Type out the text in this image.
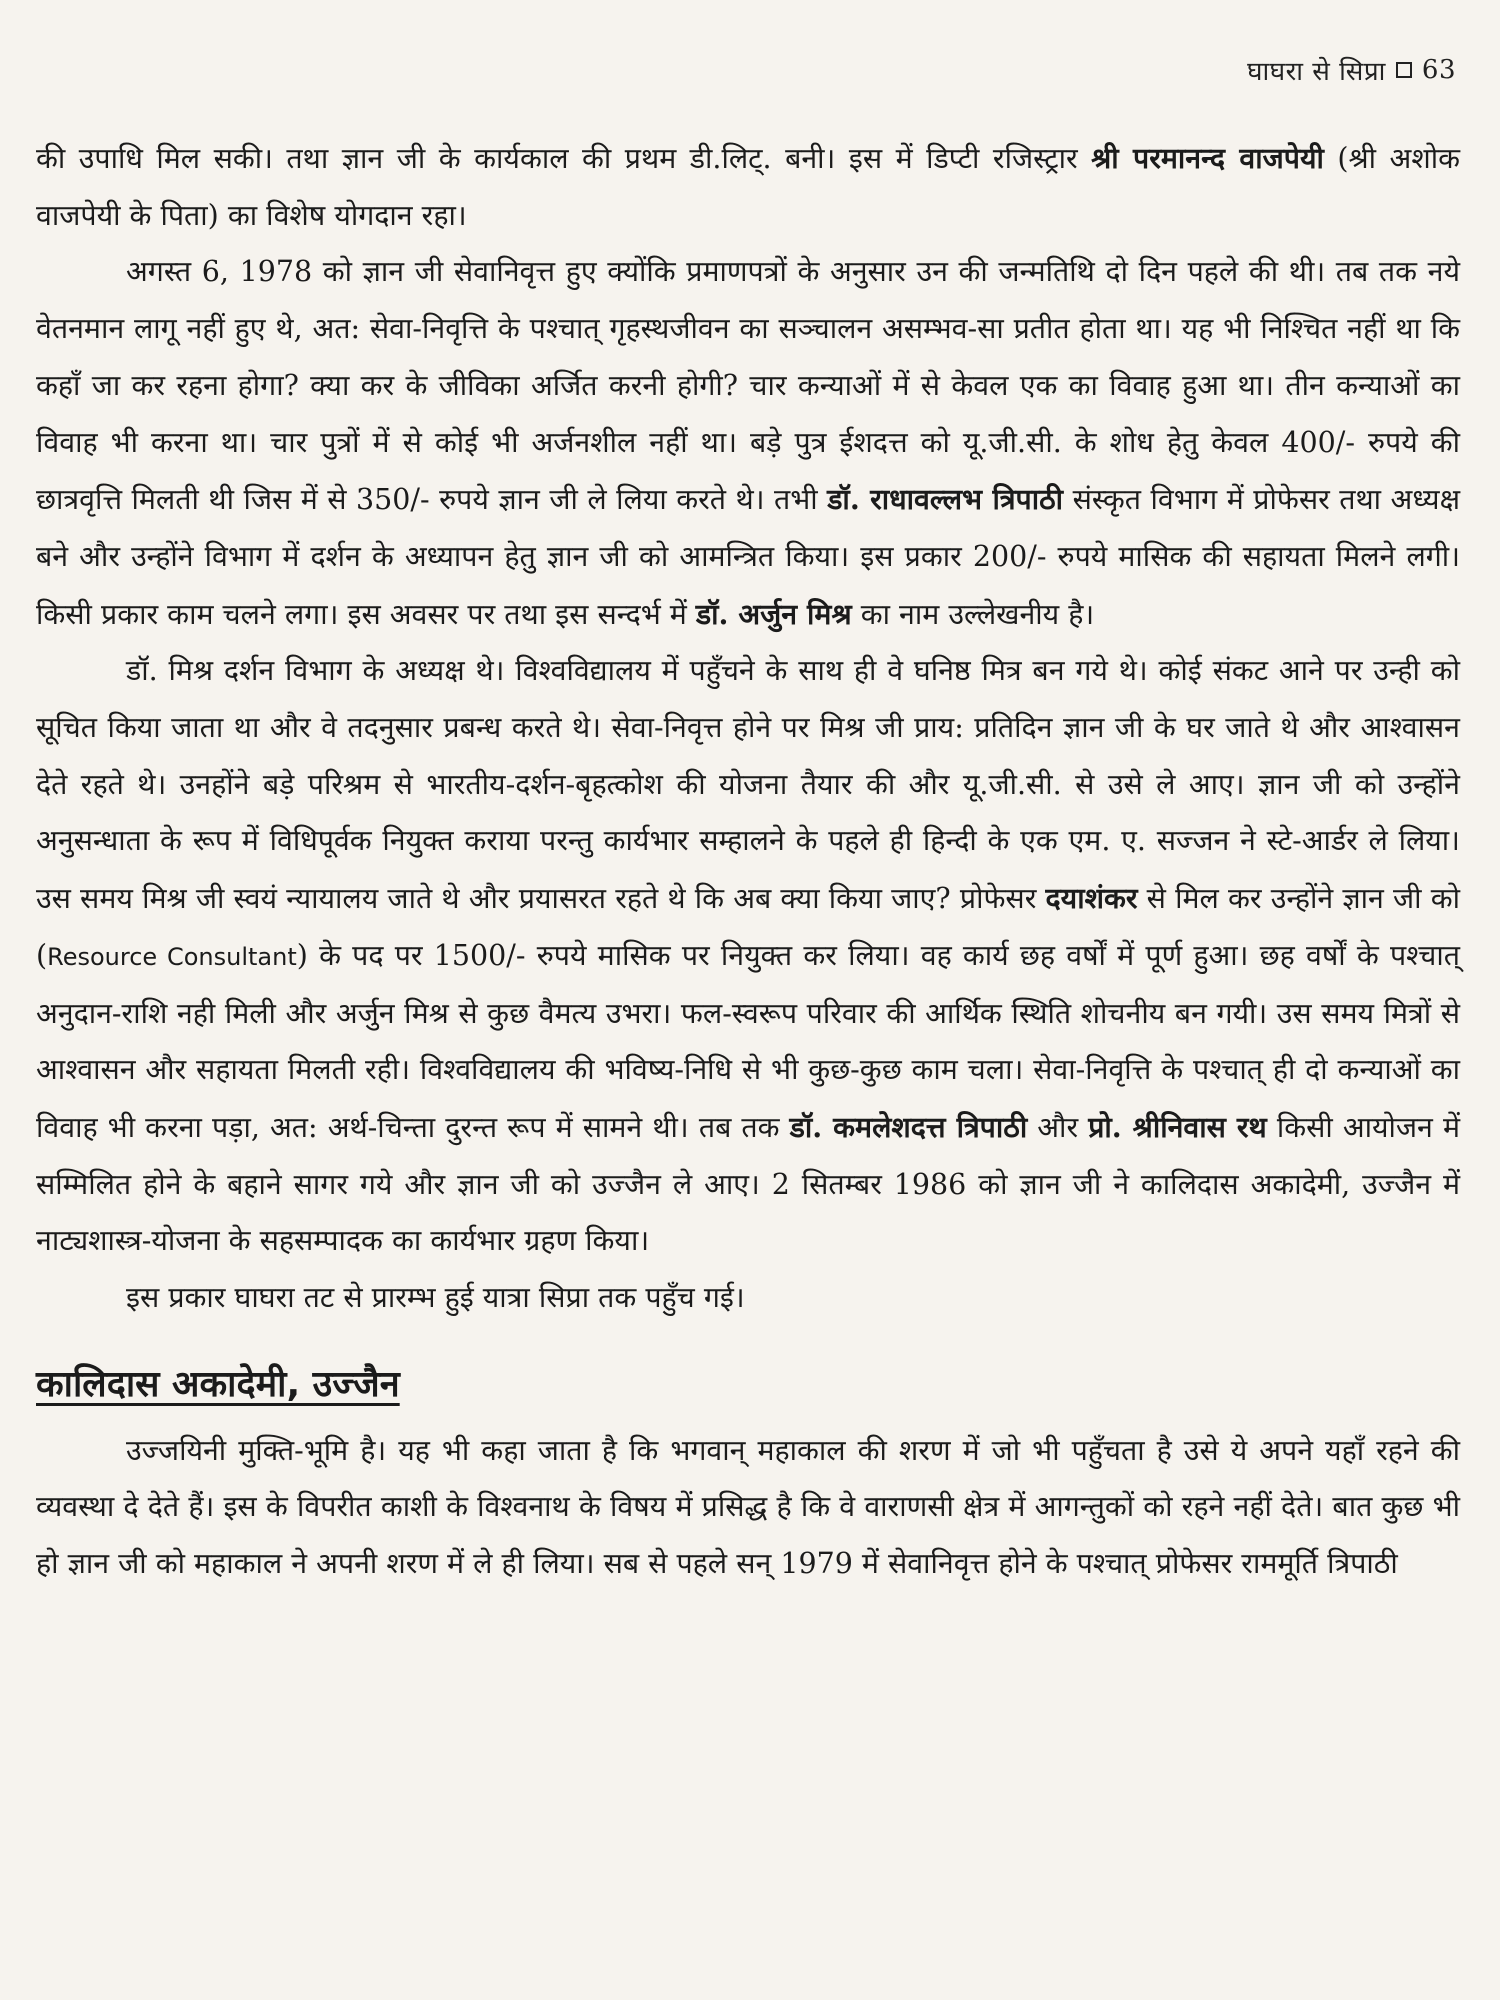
घाघरा से सिप्रा 63

की उपाधि मिल सकी। तथा ज्ञान जी के कार्यकाल की प्रथम डी.लिट्. बनी। इस में डिप्टी रजिस्ट्रार श्री परमानन्द वाजपेयी (श्री अशोक वाजपेयी के पिता) का विशेष योगदान रहा।

अगस्त 6, 1978 को ज्ञान जी सेवानिवृत्त हुए क्योंकि प्रमाणपत्रों के अनुसार उन की जन्मतिथि दो दिन पहले की थी। तब तक नये वेतनमान लागू नहीं हुए थे, अत: सेवा-निवृत्ति के पश्चात् गृहस्थजीवन का सञ्चालन असम्भव-सा प्रतीत होता था। यह भी निश्चित नहीं था कि कहाँ जा कर रहना होगा? क्या कर के जीविका अर्जित करनी होगी? चार कन्याओं में से केवल एक का विवाह हुआ था। तीन कन्याओं का विवाह भी करना था। चार पुत्रों में से कोई भी अर्जनशील नहीं था। बड़े पुत्र ईशदत्त को यू.जी.सी. के शोध हेतु केवल 400/- रुपये की छात्रवृत्ति मिलती थी जिस में से 350/- रुपये ज्ञान जी ले लिया करते थे। तभी डॉ. राधावल्लभ त्रिपाठी संस्कृत विभाग में प्रोफेसर तथा अध्यक्ष बने और उन्होंने विभाग में दर्शन के अध्यापन हेतु ज्ञान जी को आमन्त्रित किया। इस प्रकार 200/- रुपये मासिक की सहायता मिलने लगी। किसी प्रकार काम चलने लगा। इस अवसर पर तथा इस सन्दर्भ में डॉ. अर्जुन मिश्र का नाम उल्लेखनीय है।

डॉ. मिश्र दर्शन विभाग के अध्यक्ष थे। विश्वविद्यालय में पहुँचने के साथ ही वे घनिष्ठ मित्र बन गये थे। कोई संकट आने पर उन्ही को सूचित किया जाता था और वे तदनुसार प्रबन्ध करते थे। सेवा-निवृत्त होने पर मिश्र जी प्राय: प्रतिदिन ज्ञान जी के घर जाते थे और आश्वासन देते रहते थे। उनहोंने बड़े परिश्रम से भारतीय-दर्शन-बृहत्कोश की योजना तैयार की और यू.जी.सी. से उसे ले आए। ज्ञान जी को उन्होंने अनुसन्धाता के रूप में विधिपूर्वक नियुक्त कराया परन्तु कार्यभार सम्हालने के पहले ही हिन्दी के एक एम. ए. सज्जन ने स्टे-आर्डर ले लिया। उस समय मिश्र जी स्वयं न्यायालय जाते थे और प्रयासरत रहते थे कि अब क्या किया जाए? प्रोफेसर दयाशंकर से मिल कर उन्होंने ज्ञान जी को (Resource Consultant) के पद पर 1500/- रुपये मासिक पर नियुक्त कर लिया। वह कार्य छह वर्षों में पूर्ण हुआ। छह वर्षों के पश्चात् अनुदान-राशि नही मिली और अर्जुन मिश्र से कुछ वैमत्य उभरा। फल-स्वरूप परिवार की आर्थिक स्थिति शोचनीय बन गयी। उस समय मित्रों से आश्वासन और सहायता मिलती रही। विश्वविद्यालय की भविष्य-निधि से भी कुछ-कुछ काम चला। सेवा-निवृत्ति के पश्चात् ही दो कन्याओं का विवाह भी करना पड़ा, अत: अर्थ-चिन्ता दुरन्त रूप में सामने थी। तब तक डॉ. कमलेशदत्त त्रिपाठी और प्रो. श्रीनिवास रथ किसी आयोजन में सम्मिलित होने के बहाने सागर गये और ज्ञान जी को उज्जैन ले आए। 2 सितम्बर 1986 को ज्ञान जी ने कालिदास अकादेमी, उज्जैन में नाट्यशास्त्र-योजना के सहसम्पादक का कार्यभार ग्रहण किया।

इस प्रकार घाघरा तट से प्रारम्भ हुई यात्रा सिप्रा तक पहुँच गई।

कालिदास अकादेमी, उज्जैन

उज्जयिनी मुक्ति-भूमि है। यह भी कहा जाता है कि भगवान् महाकाल की शरण में जो भी पहुँचता है उसे ये अपने यहाँ रहने की व्यवस्था दे देते हैं। इस के विपरीत काशी के विश्वनाथ के विषय में प्रसिद्ध है कि वे वाराणसी क्षेत्र में आगन्तुकों को रहने नहीं देते। बात कुछ भी हो ज्ञान जी को महाकाल ने अपनी शरण में ले ही लिया। सब से पहले सन् 1979 में सेवानिवृत्त होने के पश्चात् प्रोफेसर राममूर्ति त्रिपाठी
